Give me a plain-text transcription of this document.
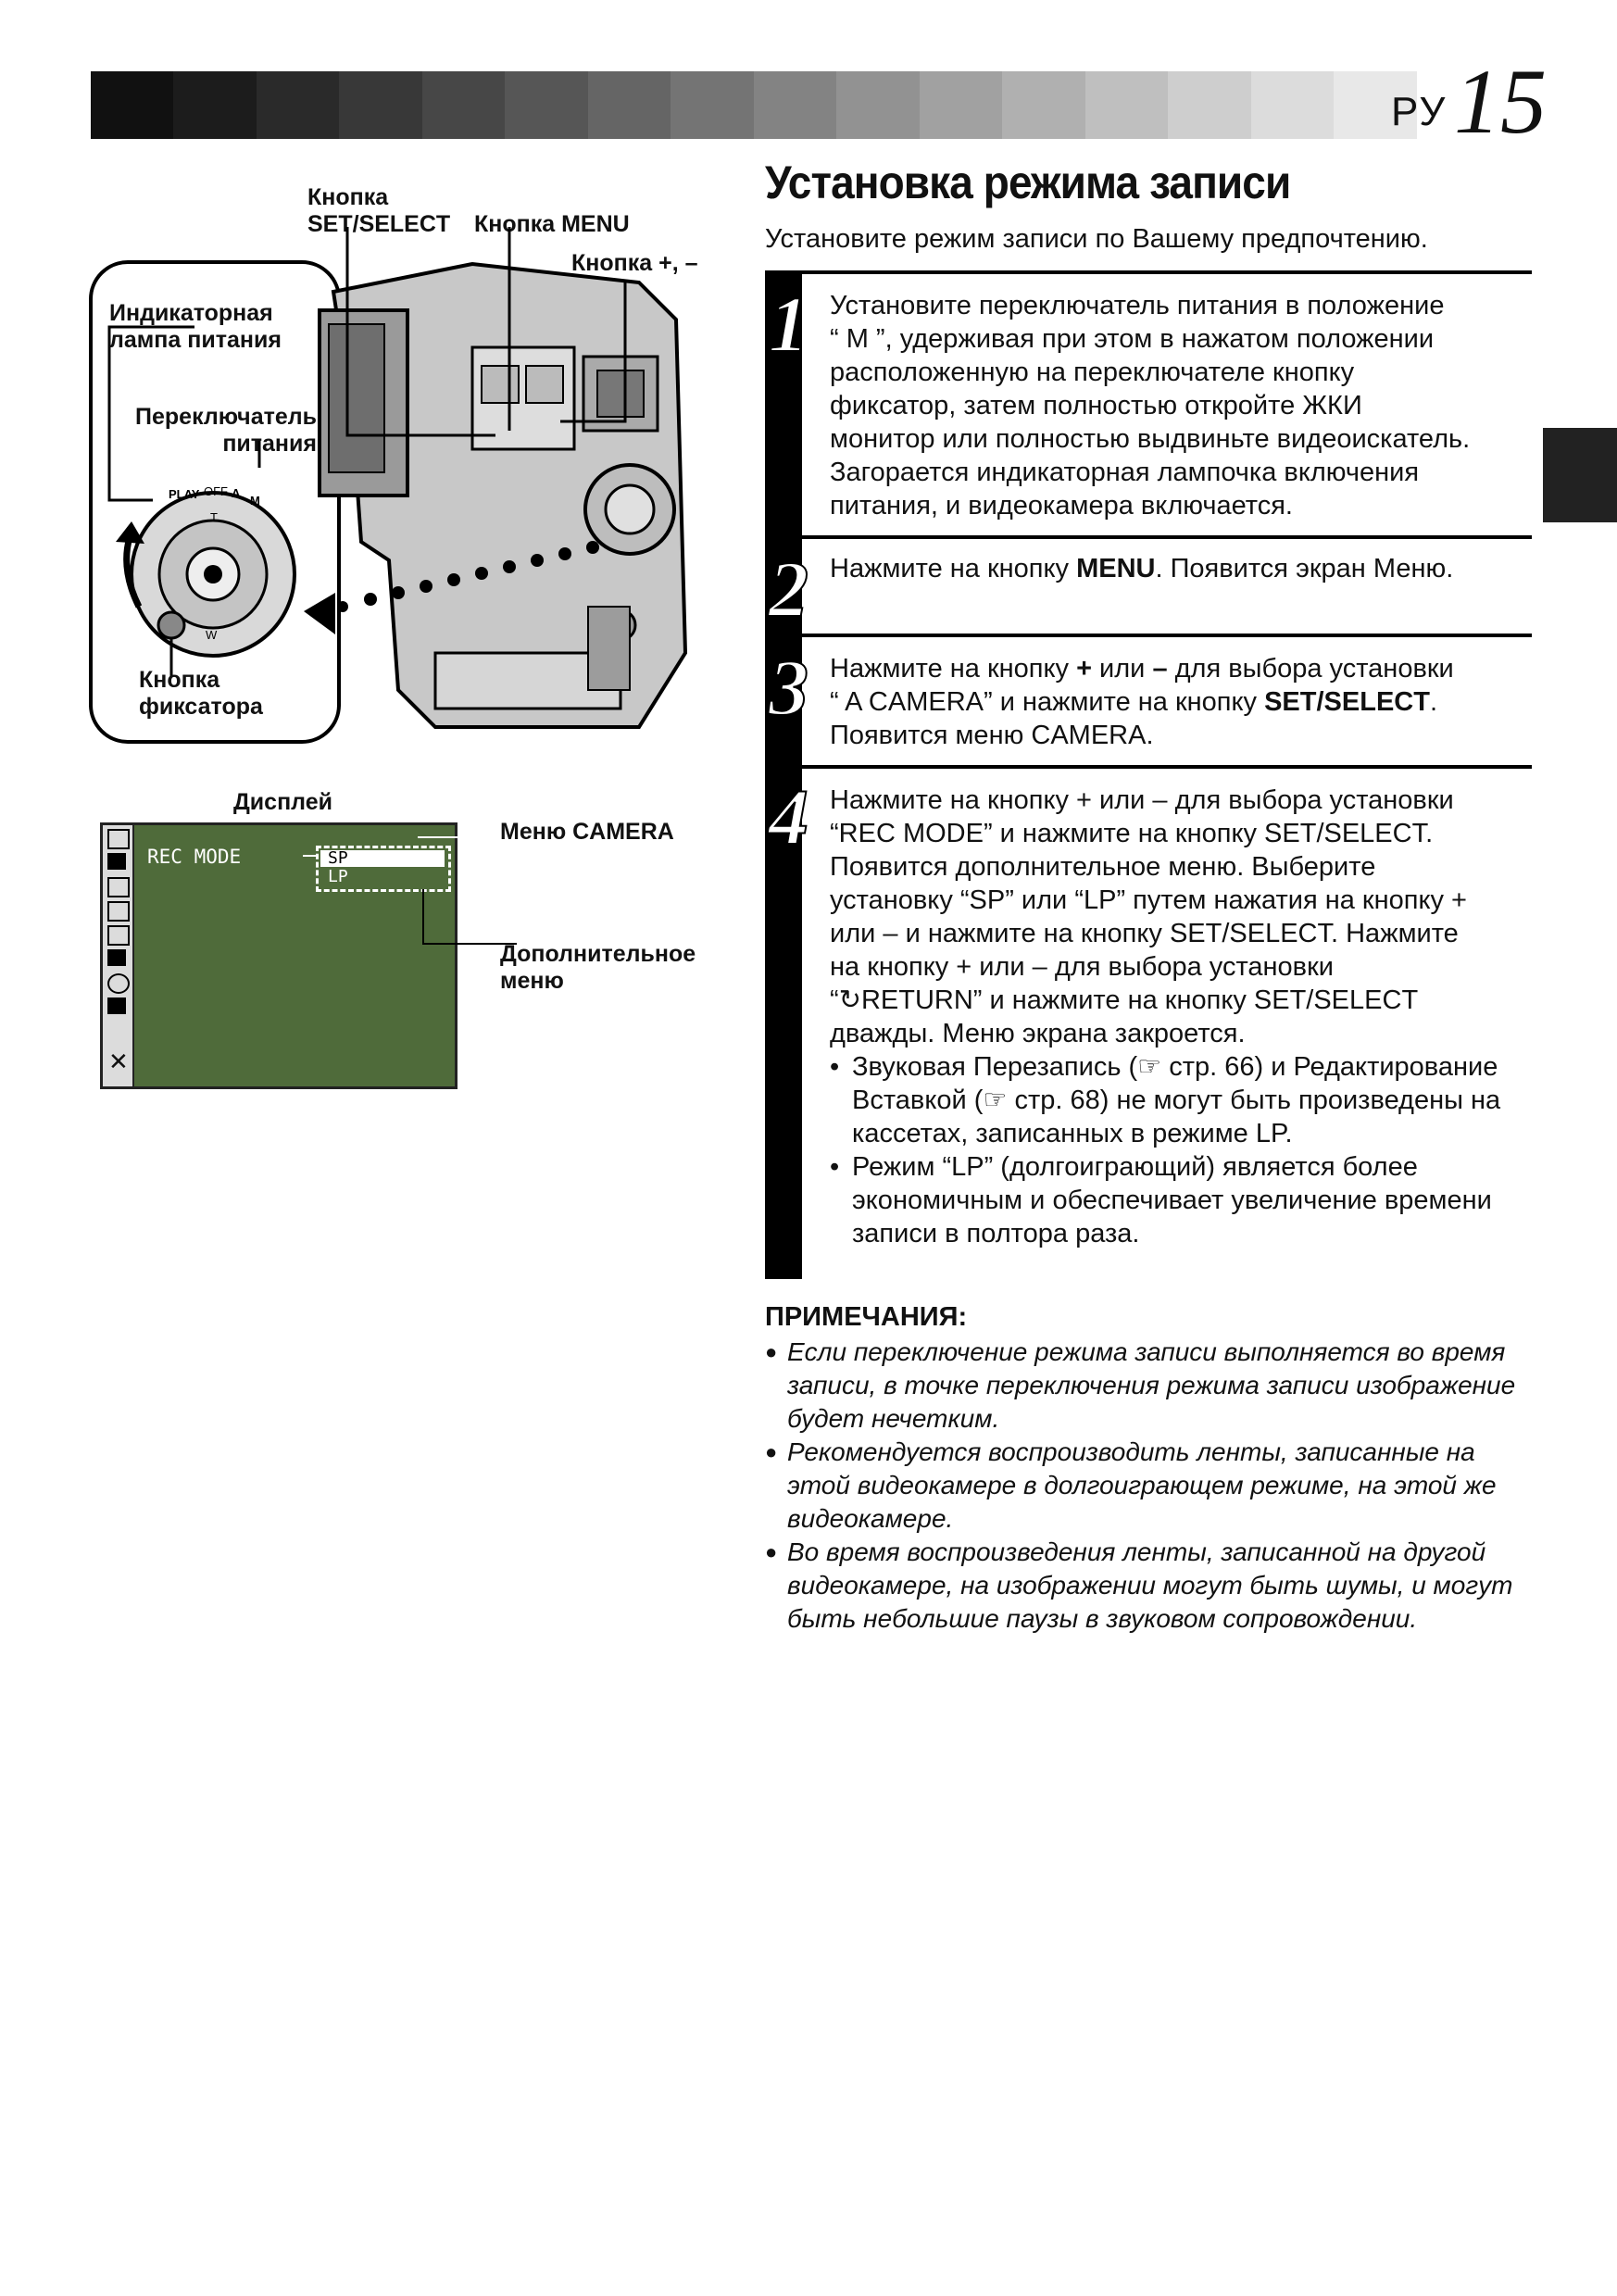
РУ 15
Кнопка
SET/SELECT Кнопка MENU
Кнопка +, –
PLAY OFF A
M
T
W
Индикаторная
лампа питания
Переключатель
питания
Кнопка
фиксатора
Дисплей
✕
REC MODE	SP
LP
Меню CAMERA
Дополнительное
меню
Установка режима записи
Установите режим записи по Вашему предпочтению.
1
2
3
4
Установите переключатель питания в положение
“ M ”, удерживая при этом в нажатом положении
расположенную на переключателе кнопку
фиксатор, затем полностью откройте ЖКИ
монитор или полностью выдвиньте видеоискатель.
Загорается индикаторная лампочка включения
питания, и видеокамера включается.
Нажмите на кнопку MENU. Появится экран Меню.
Нажмите на кнопку + или – для выбора установки
“ A CAMERA” и нажмите на кнопку SET/SELECT.
Появится меню CAMERA.
Нажмите на кнопку + или – для выбора установки
“REC MODE” и нажмите на кнопку SET/SELECT.
Появится дополнительное меню. Выберите
установку “SP” или “LP” путем нажатия на кнопку +
или – и нажмите на кнопку SET/SELECT. Нажмите
на кнопку + или – для выбора установки
“↻RETURN” и нажмите на кнопку SET/SELECT
дважды. Меню экрана закроется.
• Звуковая Перезапись (☞ стр. 66) и Редактирование Вставкой (☞ стр. 68) не могут быть произведены на кассетах, записанных в режиме LP.
• Режим “LP” (долгоиграющий) является более экономичным и обеспечивает увеличение времени записи в полтора раза.
ПРИМЕЧАНИЯ:
● Если переключение режима записи выполняется во время записи, в точке переключения режима записи изображение будет нечетким.
● Рекомендуется воспроизводить ленты, записанные на этой видеокамере в долгоиграющем режиме, на этой же видеокамере.
● Во время воспроизведения ленты, записанной на другой видеокамере, на изображении могут быть шумы, и могут быть небольшие паузы в звуковом сопровождении.
